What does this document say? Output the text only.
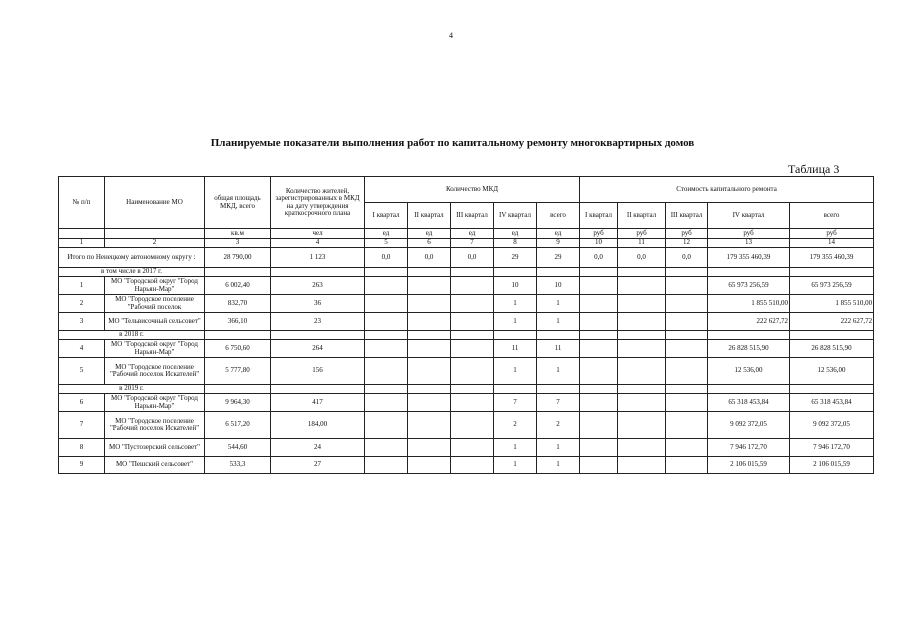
4
Планируемые показатели выполнения работ по капитальному ремонту многоквартирных домов
Таблица 3
№ п/п	Наименование МО	общая площадь МКД, всего	Количество жителей, зарегистрированных в МКД на дату утверждения краткосрочного плана	Количество МКД					Стоимость капитального ремонта				
				I квартал	II квартал	III квартал	IV квартал	всего	I квартал	II квартал	III квартал	IV квартал	всего
		кв.м	чел	ед	ед	ед	ед	ед	руб	руб	руб	руб	руб
1	2	3	4	5	6	7	8	9	10	11	12	13	14
Итого по Ненецкому автономному округу :		28 790,00	1 123	0,0	0,0	0,0	29	29	0,0	0,0	0,0	179 355 460,39	179 355 460,39
в том числе в 2017 г.													
1	МО "Городской округ "Город Нарьян-Мар"	6 002,40	263				10	10				65 973 256,59	65 973 256,59
2	МО "Городское поселение "Рабочий поселок	832,70	36				1	1				1 855 510,00	1 855 510,00
3	МО "Тельвисочный сельсовет"	366,10	23				1	1				222 627,72	222 627,72
в 2018 г.													
4	МО "Городской округ "Город Нарьян-Мар"	6 750,60	264				11	11				26 828 515,90	26 828 515,90
5	МО "Городское поселение "Рабочий поселок Искателей"	5 777,80	156				1	1				12 536,00	12 536,00
в 2019 г.													
6	МО "Городской округ "Город Нарьян-Мар"	9 964,30	417				7	7				65 318 453,84	65 318 453,84
7	МО "Городское поселение "Рабочий поселок Искателей"	6 517,20	184,00				2	2				9 092 372,05	9 092 372,05
8	МО "Пустозерский сельсовет"	544,60	24				1	1				7 946 172,70	7 946 172,70
9	МО "Пешский сельсовет"	533,3	27				1	1				2 106 015,59	2 106 015,59
